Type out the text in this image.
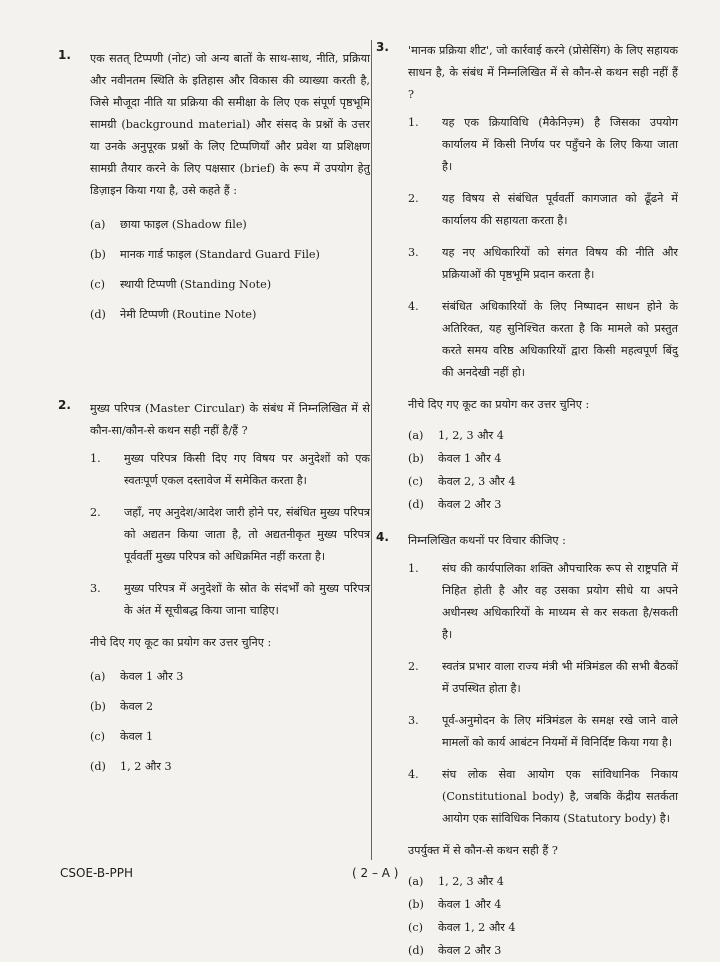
1. एक सतत् टिप्पणी (नोट) जो अन्य बातों के साथ-साथ, नीति, प्रक्रिया और नवीनतम स्थिति के इतिहास और विकास की व्याख्या करती है, जिसे मौजूदा नीति या प्रक्रिया की समीक्षा के लिए एक संपूर्ण पृष्ठभूमि सामग्री (background material) और संसद के प्रश्नों के उत्तर या उनके अनुपूरक प्रश्नों के लिए टिप्पणियाँ और प्रवेश या प्रशिक्षण सामग्री तैयार करने के लिए पक्षसार (brief) के रूप में उपयोग हेतु डिज़ाइन किया गया है, उसे कहते हैं :
(a)	छाया फाइल (Shadow file)
(b)	मानक गार्ड फाइल (Standard Guard File)
(c)	स्थायी टिप्पणी (Standing Note)
(d)	नेमी टिप्पणी (Routine Note)
2. मुख्य परिपत्र (Master Circular) के संबंध में निम्नलिखित में से कौन-सा/कौन-से कथन सही नहीं है/हैं ?
1.	मुख्य परिपत्र किसी दिए गए विषय पर अनुदेशों को एक स्वतःपूर्ण एकल दस्तावेज में समेकित करता है।
2.	जहाँ, नए अनुदेश/आदेश जारी होने पर, संबंधित मुख्य परिपत्र को अद्यतन किया जाता है, तो अद्यतनीकृत मुख्य परिपत्र पूर्ववर्ती मुख्य परिपत्र को अधिक्रमित नहीं करता है।
3.	मुख्य परिपत्र में अनुदेशों के स्रोत के संदर्भों को मुख्य परिपत्र के अंत में सूचीबद्ध किया जाना चाहिए।
नीचे दिए गए कूट का प्रयोग कर उत्तर चुनिए :
(a)	केवल 1 और 3
(b)	केवल 2
(c)	केवल 1
(d)	1, 2 और 3
3. 'मानक प्रक्रिया शीट', जो कार्रवाई करने (प्रोसेसिंग) के लिए सहायक साधन है, के संबंध में निम्नलिखित में से कौन-से कथन सही नहीं हैं ?
1.	यह एक क्रियाविधि (मैकेनिज़्म) है जिसका उपयोग कार्यालय में किसी निर्णय पर पहुँचने के लिए किया जाता है।
2.	यह विषय से संबंधित पूर्ववर्ती कागजात को ढूँढने में कार्यालय की सहायता करता है।
3.	यह नए अधिकारियों को संगत विषय की नीति और प्रक्रियाओं की पृष्ठभूमि प्रदान करता है।
4.	संबंधित अधिकारियों के लिए निष्पादन साधन होने के अतिरिक्त, यह सुनिश्चित करता है कि मामले को प्रस्तुत करते समय वरिष्ठ अधिकारियों द्वारा किसी महत्वपूर्ण बिंदु की अनदेखी नहीं हो।
नीचे दिए गए कूट का प्रयोग कर उत्तर चुनिए :
(a)	1, 2, 3 और 4
(b)	केवल 1 और 4
(c)	केवल 2, 3 और 4
(d)	केवल 2 और 3
4. निम्नलिखित कथनों पर विचार कीजिए :
1.	संघ की कार्यपालिका शक्ति औपचारिक रूप से राष्ट्रपति में निहित होती है और वह उसका प्रयोग सीधे या अपने अधीनस्थ अधिकारियों के माध्यम से कर सकता है/सकती है।
2.	स्वतंत्र प्रभार वाला राज्य मंत्री भी मंत्रिमंडल की सभी बैठकों में उपस्थित होता है।
3.	पूर्व-अनुमोदन के लिए मंत्रिमंडल के समक्ष रखे जाने वाले मामलों को कार्य आबंटन नियमों में विनिर्दिष्ट किया गया है।
4.	संघ लोक सेवा आयोग एक सांविधानिक निकाय (Constitutional body) है, जबकि केंद्रीय सतर्कता आयोग एक सांविधिक निकाय (Statutory body) है।
उपर्युक्त में से कौन-से कथन सही हैं ?
(a)	1, 2, 3 और 4
(b)	केवल 1 और 4
(c)	केवल 1, 2 और 4
(d)	केवल 2 और 3
CSOE-B-PPH	( 2 – A )
